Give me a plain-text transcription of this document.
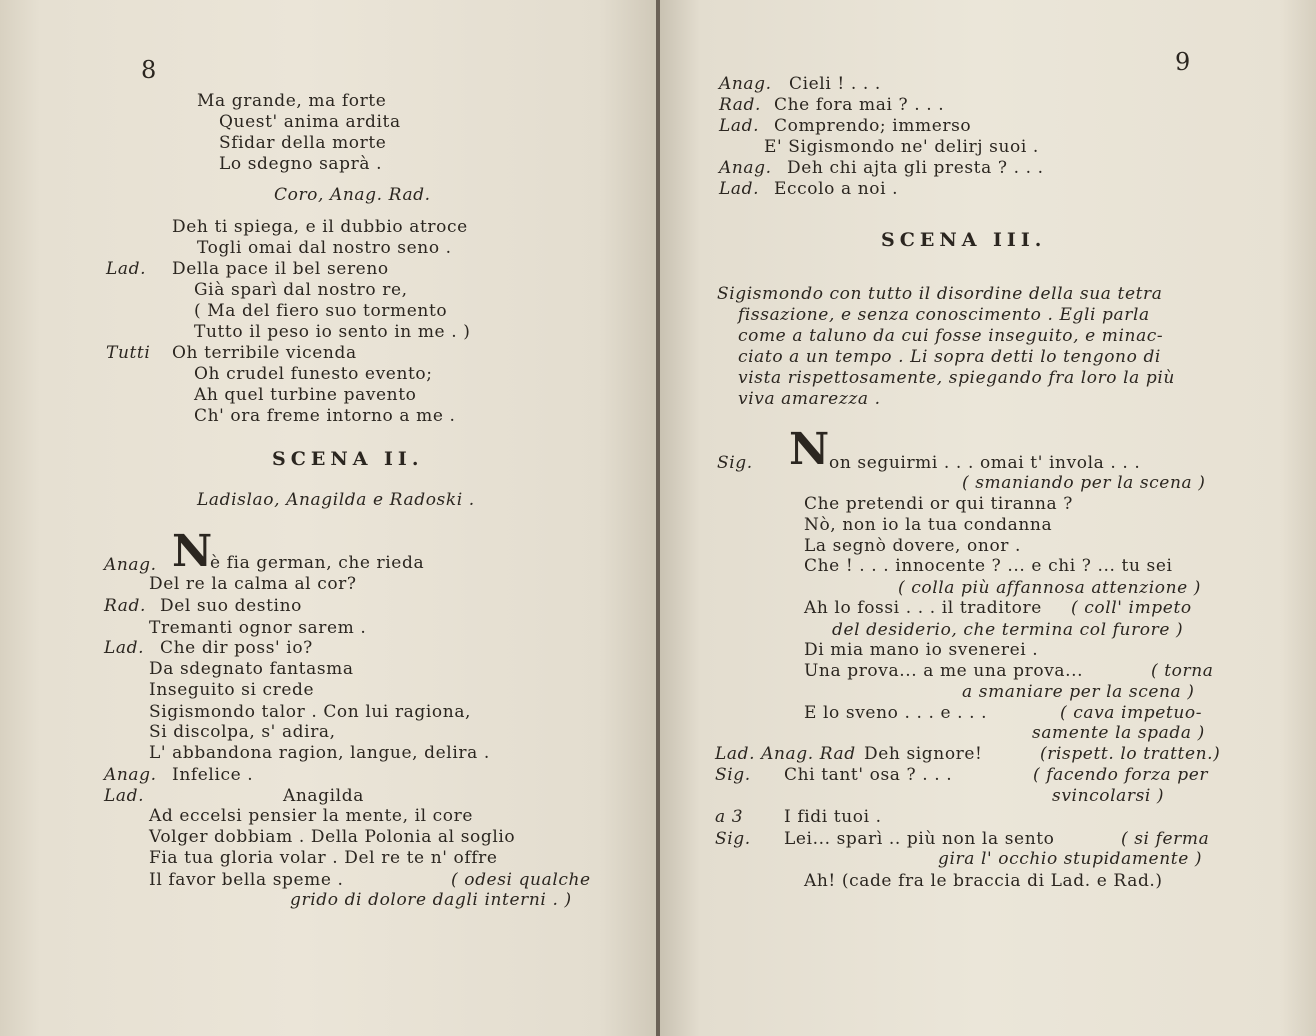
8
Ma grande, ma forte
Quest' anima ardita
Sfidar della morte
Lo sdegno saprà .
Coro, Anag. Rad.
Deh ti spiega, e il dubbio atroce
Togli omai dal nostro seno .
Lad. Della pace il bel sereno
Già sparì dal nostro re,
( Ma del fiero suo tormento
Tutto il peso io sento in me . )
Tutti Oh terribile vicenda
Oh crudel funesto evento;
Ah quel turbine pavento
Ch' ora freme intorno a me .
SCENA II.
Ladislao, Anagilda e Radoski .
Anag. N
è fia german, che rieda
Del re la calma al cor?
Rad. Del suo destino
Tremanti ognor sarem .
Lad. Che dir poss' io?
Da sdegnato fantasma
Inseguito si crede
Sigismondo talor . Con lui ragiona,
Si discolpa, s' adira,
L' abbandona ragion, langue, delira .
Anag. Infelice .
Lad.	Anagilda
Ad eccelsi pensier la mente, il core
Volger dobbiam . Della Polonia al soglio
Fia tua gloria volar . Del re te n' offre
Il favor bella speme .	( odesi qualche
grido di dolore dagli interni . )
9
Anag. Cieli ! . . .
Rad. Che fora mai ? . . .
Lad. Comprendo; immerso
E' Sigismondo ne' delirj suoi .
Anag. Deh chi ajta gli presta ? . . .
Lad. Eccolo a noi .
SCENA III.
Sigismondo con tutto il disordine della sua tetra
fissazione, e senza conoscimento . Egli parla
come a taluno da cui fosse inseguito, e minac-
ciato a un tempo . Li sopra detti lo tengono di
vista rispettosamente, spiegando fra loro la più
viva amarezza .
Sig. N on seguirmi . . . omai t' invola . . .
( smaniando per la scena )
Che pretendi or qui tiranna ?
Nò, non io la tua condanna
La segnò dovere, onor .
Che ! . . . innocente ? ... e chi ? ... tu sei
( colla più affannosa attenzione )
Ah lo fossi . . . il traditore ( coll' impeto
del desiderio, che termina col furore )
Di mia mano io svenerei .
Una prova... a me una prova...	( torna
a smaniare per la scena )
E lo sveno . . . e . . .	( cava impetuo-
samente la spada )
Lad. Anag. Rad Deh signore!	(rispett. lo tratten.)
Sig. Chi tant' osa ? . . .	( facendo forza per
svincolarsi )
a 3 I fidi tuoi .
Sig. Lei... sparì .. più non la sento	( si ferma
gira l' occhio stupidamente )
Ah! (cade fra le braccia di Lad. e Rad.)
